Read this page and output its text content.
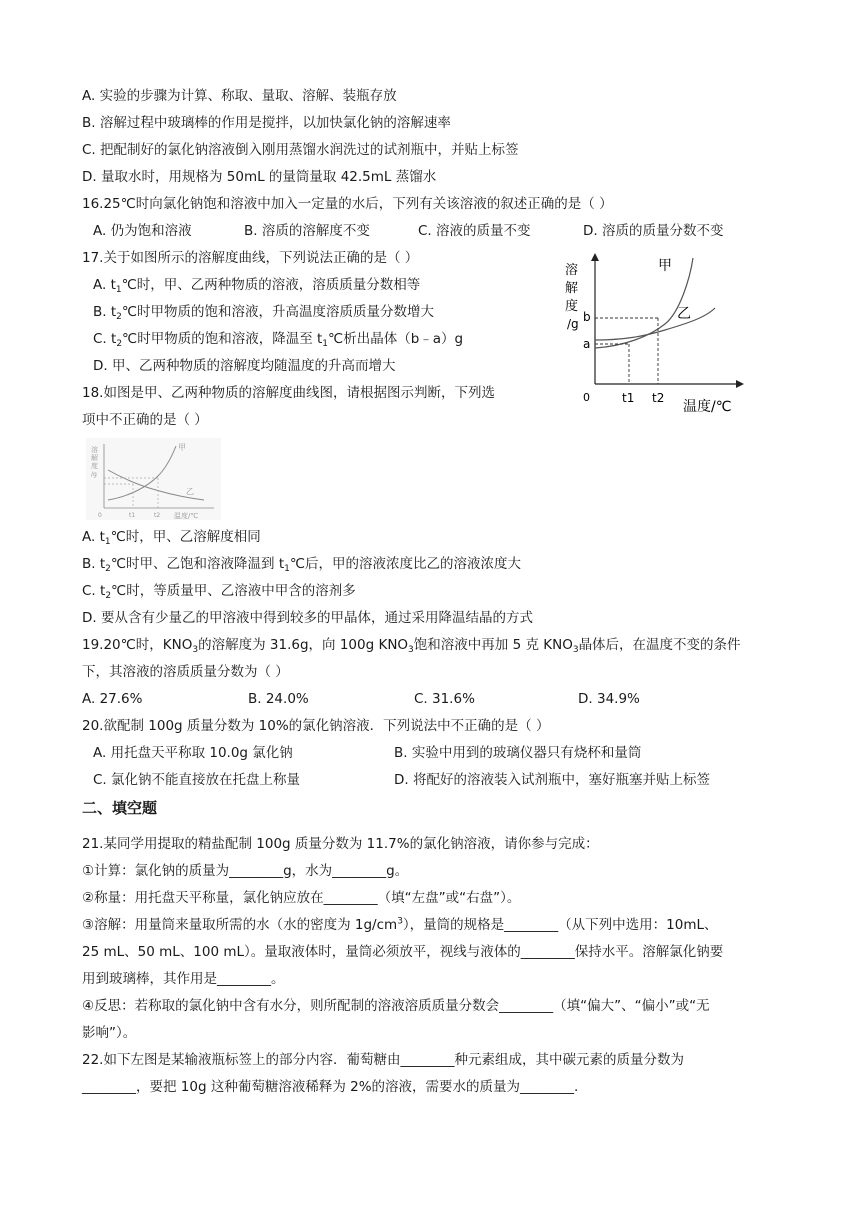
A. 实验的步骤为计算、称取、量取、溶解、装瓶存放
B. 溶解过程中玻璃棒的作用是搅拌，以加快氯化钠的溶解速率
C. 把配制好的氯化钠溶液倒入刚用蒸馏水润洗过的试剂瓶中，并贴上标签
D. 量取水时，用规格为 50mL 的量筒量取 42.5mL 蒸馏水
16.25℃时向氯化钠饱和溶液中加入一定量的水后，下列有关该溶液的叙述正确的是（ ）
A. 仍为饱和溶液	B. 溶质的溶解度不变	C. 溶液的质量不变	D. 溶质的质量分数不变
17.关于如图所示的溶解度曲线，下列说法正确的是（ ）
A. $t_1℃$时，甲、乙两种物质的溶液，溶质质量分数相等
B. $t_2℃$时甲物质的饱和溶液，升高温度溶质质量分数增大
C. $t_2℃$时甲物质的饱和溶液，降温至 $t_1℃$析出晶体（b﹣a）g
D. 甲、乙两种物质的溶解度均随温度的升高而增大
溶
解
度
/g
甲
乙
b
a
0	t1 t2
温度/℃
18.如图是甲、乙两种物质的溶解度曲线图，请根据图示判断，下列选
项中不正确的是（ ）
溶
解
度
/g
甲
乙
0	t1	t2 温度/℃
A. $t_1℃$时，甲、乙溶解度相同
B. $t_2℃$时甲、乙饱和溶液降温到 $t_1℃$后，甲的溶液浓度比乙的溶液浓度大
C. $t_2℃$时，等质量甲、乙溶液中甲含的溶剂多
D. 要从含有少量乙的甲溶液中得到较多的甲晶体，通过采用降温结晶的方式
19.20℃时，$KNO_3$的溶解度为 31.6g，向 100g $KNO_3$饱和溶液中再加 5 克 $KNO_3$晶体后，在温度不变的条件
下，其溶液的溶质质量分数为（ ）
A. 27.6%	B. 24.0%	C. 31.6%	D. 34.9%
20.欲配制 100g 质量分数为 10%的氯化钠溶液．下列说法中不正确的是（ ）
A. 用托盘天平称取 10.0g 氯化钠	B. 实验中用到的玻璃仪器只有烧杯和量筒
C. 氯化钠不能直接放在托盘上称量	D. 将配好的溶液装入试剂瓶中，塞好瓶塞并贴上标签
二、填空题
21.某同学用提取的精盐配制 100g 质量分数为 11.7%的氯化钠溶液，请你参与完成：
①计算：氯化钠的质量为________g，水为________g。
②称量：用托盘天平称量，氯化钠应放在________（填“左盘”或“右盘”）。
③溶解：用量筒来量取所需的水（水的密度为 $1g/cm^3$），量筒的规格是________（从下列中选用：10mL、
25 mL、50 mL、100 mL）。量取液体时，量筒必须放平，视线与液体的________保持水平。溶解氯化钠要
用到玻璃棒，其作用是________。
④反思：若称取的氯化钠中含有水分，则所配制的溶液溶质质量分数会________（填“偏大”、“偏小”或“无
影响”）。
22.如下左图是某输液瓶标签上的部分内容．葡萄糖由________种元素组成，其中碳元素的质量分数为
________，要把 10g 这种葡萄糖溶液稀释为 2%的溶液，需要水的质量为________.
